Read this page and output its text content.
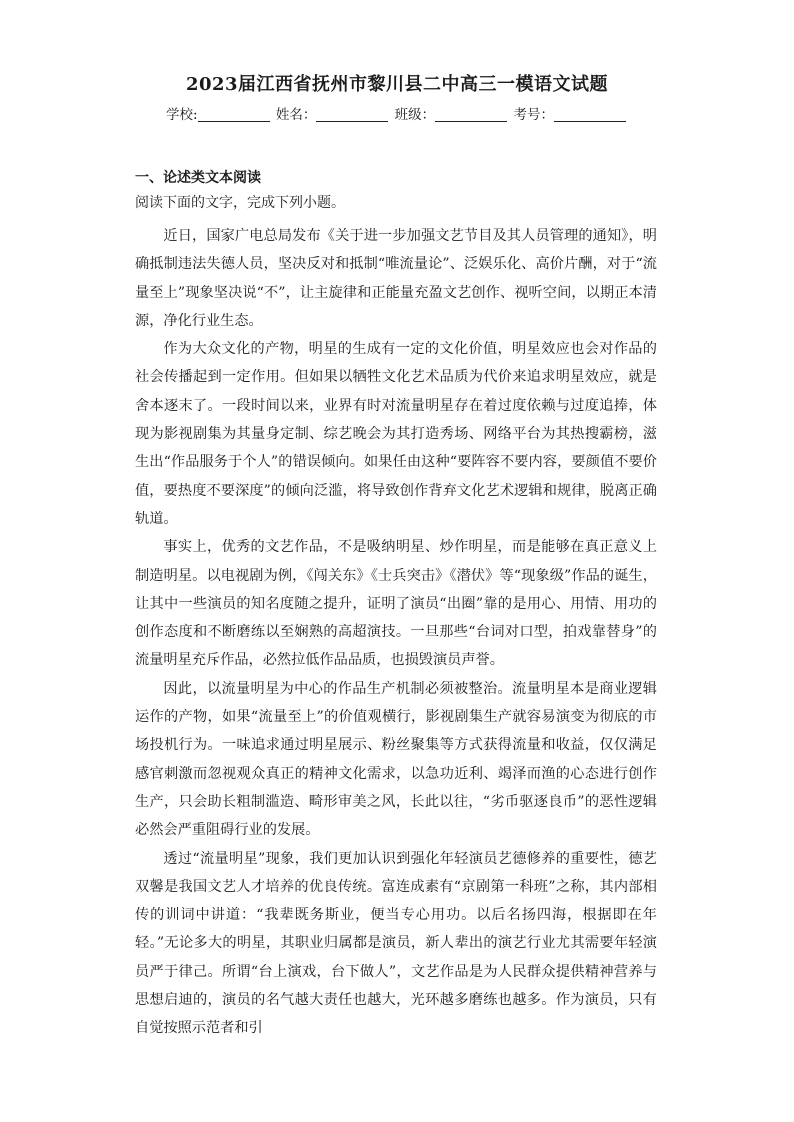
2023届江西省抚州市黎川县二中高三一模语文试题
学校:	姓名：	班级：	考号：
一、论述类文本阅读
阅读下面的文字，完成下列小题。

近日，国家广电总局发布《关于进一步加强文艺节目及其人员管理的通知》，明确抵制违法失德人员，坚决反对和抵制“唯流量论”、泛娱乐化、高价片酬，对于“流量至上”现象坚决说“不”，让主旋律和正能量充盈文艺创作、视听空间，以期正本清源，净化行业生态。

作为大众文化的产物，明星的生成有一定的文化价值，明星效应也会对作品的社会传播起到一定作用。但如果以牺牲文化艺术品质为代价来追求明星效应，就是舍本逐末了。一段时间以来，业界有时对流量明星存在着过度依赖与过度追捧，体现为影视剧集为其量身定制、综艺晚会为其打造秀场、网络平台为其热搜霸榜，滋生出“作品服务于个人”的错误倾向。如果任由这种“要阵容不要内容，要颜值不要价值，要热度不要深度”的倾向泛滥，将导致创作背弃文化艺术逻辑和规律，脱离正确轨道。

事实上，优秀的文艺作品，不是吸纳明星、炒作明星，而是能够在真正意义上制造明星。以电视剧为例，《闯关东》《士兵突击》《潜伏》等“现象级”作品的诞生，让其中一些演员的知名度随之提升，证明了演员“出圈”靠的是用心、用情、用功的创作态度和不断磨练以至娴熟的高超演技。一旦那些“台词对口型，拍戏靠替身”的流量明星充斥作品，必然拉低作品品质，也损毁演员声誉。

因此，以流量明星为中心的作品生产机制必须被整治。流量明星本是商业逻辑运作的产物，如果“流量至上”的价值观横行，影视剧集生产就容易演变为彻底的市场投机行为。一味追求通过明星展示、粉丝聚集等方式获得流量和收益，仅仅满足感官刺激而忽视观众真正的精神文化需求，以急功近利、竭泽而渔的心态进行创作生产，只会助长粗制滥造、畸形审美之风，长此以往，“劣币驱逐良币”的恶性逻辑必然会严重阻碍行业的发展。

透过“流量明星”现象，我们更加认识到强化年轻演员艺德修养的重要性，德艺双馨是我国文艺人才培养的优良传统。富连成素有“京剧第一科班”之称，其内部相传的训词中讲道：“我辈既务斯业，便当专心用功。以后名扬四海，根据即在年轻。”无论多大的明星，其职业归属都是演员，新人辈出的演艺行业尤其需要年轻演员严于律己。所谓“台上演戏，台下做人”，文艺作品是为人民群众提供精神营养与思想启迪的，演员的名气越大责任也越大，光环越多磨练也越多。作为演员，只有自觉按照示范者和引
